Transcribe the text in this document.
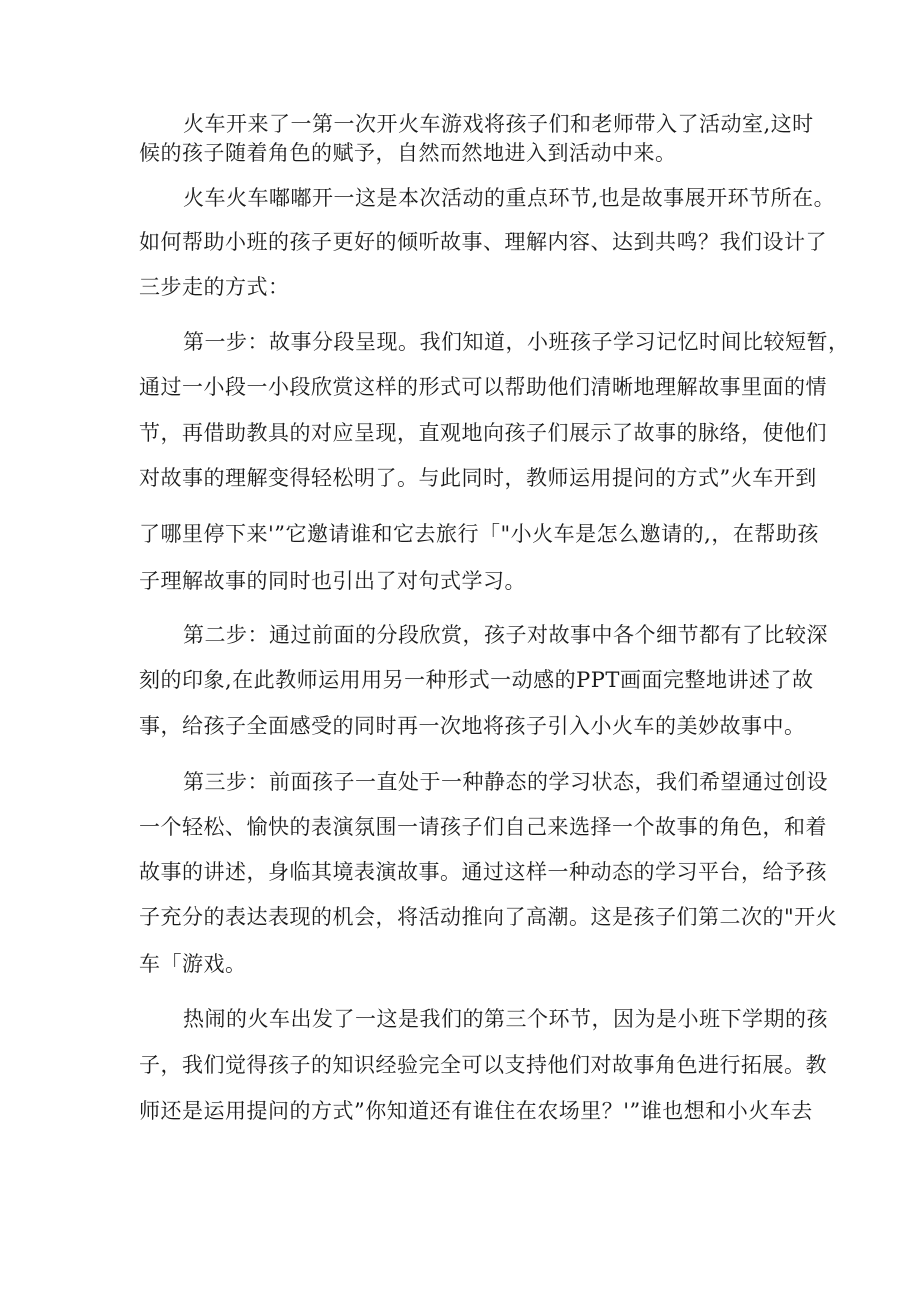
火车开来了一第一次开火车游戏将孩子们和老师带入了活动室,这时
候的孩子随着角色的赋予，自然而然地进入到活动中来。
火车火车嘟嘟开一这是本次活动的重点环节,也是故事展开环节所在。
如何帮助小班的孩子更好的倾听故事、理解内容、达到共鸣？我们设计了
三步走的方式：
第一步：故事分段呈现。我们知道，小班孩子学习记忆时间比较短暂，
通过一小段一小段欣赏这样的形式可以帮助他们清晰地理解故事里面的情
节，再借助教具的对应呈现，直观地向孩子们展示了故事的脉络，使他们
对故事的理解变得轻松明了。与此同时，教师运用提问的方式”火车开到
了哪里停下来'”它邀请谁和它去旅行「"小火车是怎么邀请的,，在帮助孩
子理解故事的同时也引出了对句式学习。
第二步：通过前面的分段欣赏，孩子对故事中各个细节都有了比较深
刻的印象,在此教师运用用另一种形式一动感的PPT画面完整地讲述了故
事，给孩子全面感受的同时再一次地将孩子引入小火车的美妙故事中。
第三步：前面孩子一直处于一种静态的学习状态，我们希望通过创设
一个轻松、愉快的表演氛围一请孩子们自己来选择一个故事的角色，和着
故事的讲述，身临其境表演故事。通过这样一种动态的学习平台，给予孩
子充分的表达表现的机会，将活动推向了高潮。这是孩子们第二次的"开火
车「游戏。
热闹的火车出发了一这是我们的第三个环节，因为是小班下学期的孩
子，我们觉得孩子的知识经验完全可以支持他们对故事角色进行拓展。教
师还是运用提问的方式”你知道还有谁住在农场里？'”谁也想和小火车去
